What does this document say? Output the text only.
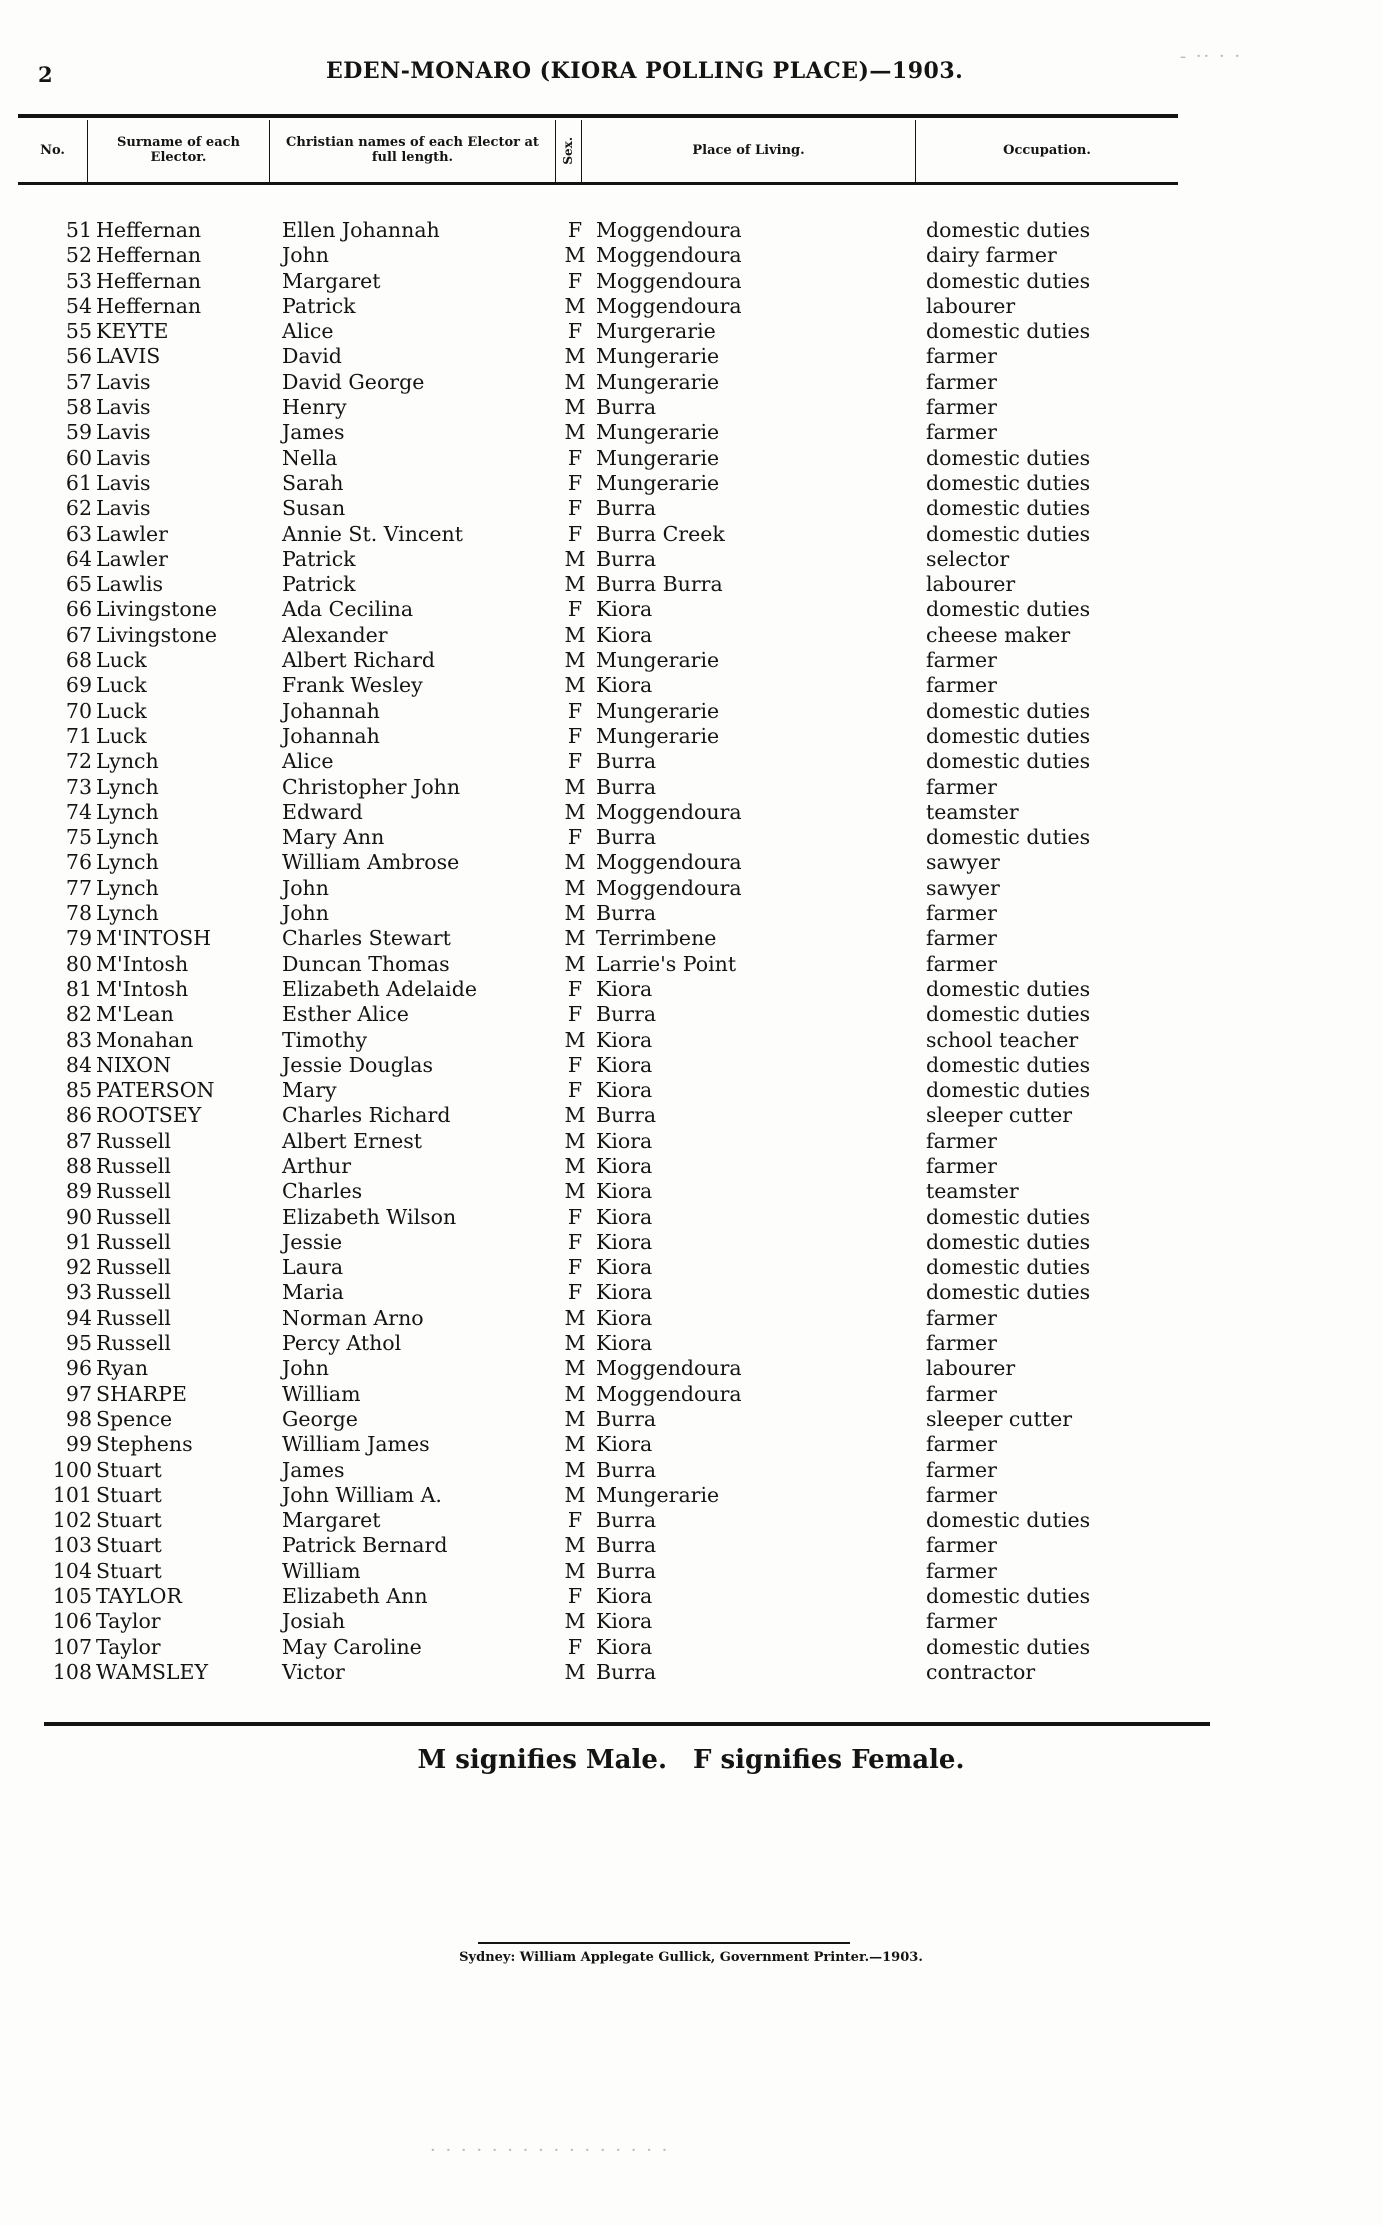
2	EDEN-MONARO (KIORA POLLING PLACE)—1903.
No.	Surname of each Elector.
Christian names of each Elector at full length.	Sex.	Place of Living.	Occupation.
51 Heffernan	Ellen Johannah	F Moggendoura	domestic duties
52 Heffernan	John	M Moggendoura	dairy farmer
53 Heffernan	Margaret	F Moggendoura	domestic duties
54 Heffernan	Patrick	M Moggendoura	labourer
55 KEYTE	Alice	F Murgerarie	domestic duties
56 LAVIS	David	M Mungerarie	farmer
57 Lavis	David George	M Mungerarie	farmer
58 Lavis	Henry	M Burra	farmer
59 Lavis	James	M Mungerarie	farmer
60 Lavis	Nella	F Mungerarie	domestic duties
61 Lavis	Sarah	F Mungerarie	domestic duties
62 Lavis	Susan	F Burra	domestic duties
63 Lawler	Annie St. Vincent	F Burra Creek	domestic duties
64 Lawler	Patrick	M Burra	selector
65 Lawlis	Patrick	M Burra Burra	labourer
66 Livingstone	Ada Cecilina	F Kiora	domestic duties
67 Livingstone	Alexander	M Kiora	cheese maker
68 Luck	Albert Richard	M Mungerarie	farmer
69 Luck	Frank Wesley	M Kiora	farmer
70 Luck	Johannah	F Mungerarie	domestic duties
71 Luck	Johannah	F Mungerarie	domestic duties
72 Lynch	Alice	F Burra	domestic duties
73 Lynch	Christopher John	M Burra	farmer
74 Lynch	Edward	M Moggendoura	teamster
75 Lynch	Mary Ann	F Burra	domestic duties
76 Lynch	William Ambrose	M Moggendoura	sawyer
77 Lynch	John	M Moggendoura	sawyer
78 Lynch	John	M Burra	farmer
79 M'INTOSH	Charles Stewart	M Terrimbene	farmer
80 M'Intosh	Duncan Thomas	M Larrie's Point	farmer
81 M'Intosh	Elizabeth Adelaide	F Kiora	domestic duties
82 M'Lean	Esther Alice	F Burra	domestic duties
83 Monahan	Timothy	M Kiora	school teacher
84 NIXON	Jessie Douglas	F Kiora	domestic duties
85 PATERSON	Mary	F Kiora	domestic duties
86 ROOTSEY	Charles Richard	M Burra	sleeper cutter
87 Russell	Albert Ernest	M Kiora	farmer
88 Russell	Arthur	M Kiora	farmer
89 Russell	Charles	M Kiora	teamster
90 Russell	Elizabeth Wilson	F Kiora	domestic duties
91 Russell	Jessie	F Kiora	domestic duties
92 Russell	Laura	F Kiora	domestic duties
93 Russell	Maria	F Kiora	domestic duties
94 Russell	Norman Arno	M Kiora	farmer
95 Russell	Percy Athol	M Kiora	farmer
96 Ryan	John	M Moggendoura	labourer
97 SHARPE	William	M Moggendoura	farmer
98 Spence	George	M Burra	sleeper cutter
99 Stephens	William James	M Kiora	farmer
100 Stuart	James	M Burra	farmer
101 Stuart	John William A.	M Mungerarie	farmer
102 Stuart	Margaret	F Burra	domestic duties
103 Stuart	Patrick Bernard	M Burra	farmer
104 Stuart	William	M Burra	farmer
105 TAYLOR	Elizabeth Ann	F Kiora	domestic duties
106 Taylor	Josiah	M Kiora	farmer
107 Taylor	May Caroline	F Kiora	domestic duties
108 WAMSLEY	Victor	M Burra	contractor
M signifies Male. F signifies Female.
Sydney: William Applegate Gullick, Government Printer.—1903.
- ·· · ·
· · · · · · · · · · · · · · · ·
